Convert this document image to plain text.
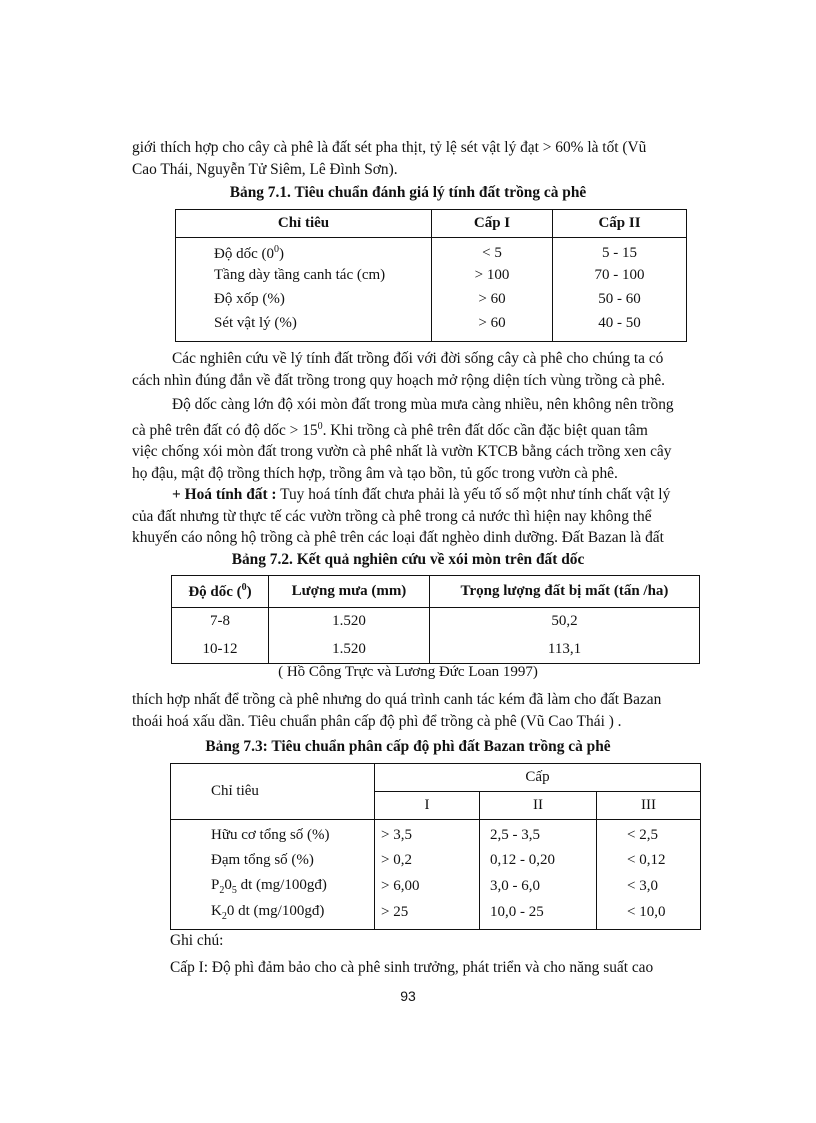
giới thích hợp cho cây cà phê là đất sét pha thịt, tỷ lệ sét vật lý đạt > 60% là tốt (Vũ
Cao Thái, Nguyễn Tử Siêm, Lê Đình Sơn).

Bảng 7.1. Tiêu chuẩn đánh giá lý tính đất trồng cà phê

Chỉ tiêu	Cấp I	Cấp II
Độ dốc $(0^0)$	< 5	5 - 15
Tầng dày tầng canh tác (cm)	> 100	70 - 100
Độ xốp (%)	> 60	50 - 60
Sét vật lý (%)	> 60	40 - 50

Các nghiên cứu về lý tính đất trồng đối với đời sống cây cà phê cho chúng ta có
cách nhìn đúng đắn về đất trồng trong quy hoạch mở rộng diện tích vùng trồng cà phê.

Độ dốc càng lớn độ xói mòn đất trong mùa mưa càng nhiều, nên không nên trồng
cà phê trên đất có độ dốc > $15^0$. Khi trồng cà phê trên đất dốc cần đặc biệt quan tâm
việc chống xói mòn đất trong vườn cà phê nhất là vườn KTCB bằng cách trồng xen cây
họ đậu, mật độ trồng thích hợp, trồng âm và tạo bồn, tủ gốc trong vườn cà phê.

+ Hoá tính đất : Tuy hoá tính đất chưa phải là yếu tố số một như tính chất vật lý
của đất nhưng từ thực tế các vườn trồng cà phê trong cả nước thì hiện nay không thể
khuyến cáo nông hộ trồng cà phê trên các loại đất nghèo dinh dưỡng. Đất Bazan là đất

Bảng 7.2. Kết quả nghiên cứu về xói mòn trên đất dốc

Độ dốc ($^0$)	Lượng mưa (mm)	Trọng lượng đất bị mất (tấn /ha)
7-8	1.520	50,2
10-12	1.520	113,1

( Hồ Công Trực và Lương Đức Loan 1997)

thích hợp nhất để trồng cà phê nhưng do quá trình canh tác kém đã làm cho đất Bazan
thoái hoá xấu dần. Tiêu chuẩn phân cấp độ phì để trồng cà phê (Vũ Cao Thái ) .

Bảng 7.3: Tiêu chuẩn phân cấp độ phì đất Bazan trồng cà phê

Chỉ tiêu	Cấp		
	I	II	III
Hữu cơ tổng số (%)	> 3,5	2,5 - 3,5	< 2,5
Đạm tổng số (%)	> 0,2	0,12 - 0,20	< 0,12
$P_20_5$ dt (mg/100gđ)	> 6,00	3,0 - 6,0	< 3,0
$K_20$ dt (mg/100gđ)	> 25	10,0 - 25	< 10,0

Ghi chú:

Cấp I: Độ phì đảm bảo cho cà phê sinh trưởng, phát triển và cho năng suất cao

93
